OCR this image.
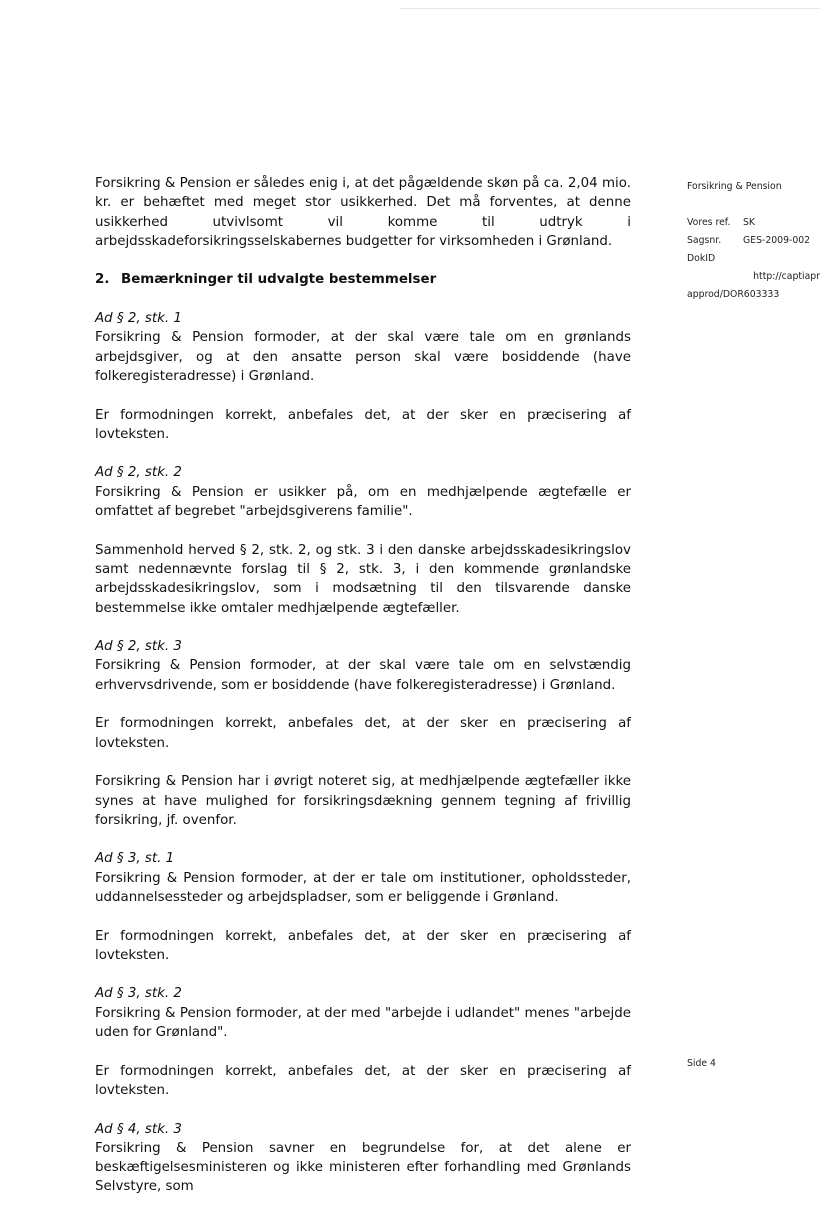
Forsikring & Pension er således enig i, at det pågældende skøn på ca. 2,04 mio. kr. er behæftet med meget stor usikkerhed. Det må forventes, at denne usikkerhed utvivlsomt vil komme til udtryk i arbejdsskadeforsikringsselskabernes budgetter for virksomheden i Grønland.

2. Bemærkninger til udvalgte bestemmelser
Ad § 2, stk. 1
Forsikring & Pension formoder, at der skal være tale om en grønlands arbejdsgiver, og at den ansatte person skal være bosiddende (have folkeregisteradresse) i Grønland.
Er formodningen korrekt, anbefales det, at der sker en præcisering af lovteksten.
Ad § 2, stk. 2
Forsikring & Pension er usikker på, om en medhjælpende ægtefælle er omfattet af begrebet "arbejdsgiverens familie".
Sammenhold herved § 2, stk. 2, og stk. 3 i den danske arbejdsskadesikringslov samt nedennævnte forslag til § 2, stk. 3, i den kommende grønlandske arbejdsskadesikringslov, som i modsætning til den tilsvarende danske bestemmelse ikke omtaler medhjælpende ægtefæller.
Ad § 2, stk. 3
Forsikring & Pension formoder, at der skal være tale om en selvstændig erhvervsdrivende, som er bosiddende (have folkeregisteradresse) i Grønland.
Er formodningen korrekt, anbefales det, at der sker en præcisering af lovteksten.
Forsikring & Pension har i øvrigt noteret sig, at medhjælpende ægtefæller ikke synes at have mulighed for forsikringsdækning gennem tegning af frivillig forsikring, jf. ovenfor.
Ad § 3, st. 1
Forsikring & Pension formoder, at der er tale om institutioner, opholdssteder, uddannelsessteder og arbejdspladser, som er beliggende i Grønland.
Er formodningen korrekt, anbefales det, at der sker en præcisering af lovteksten.
Ad § 3, stk. 2
Forsikring & Pension formoder, at der med "arbejde i udlandet" menes "arbejde uden for Grønland".
Er formodningen korrekt, anbefales det, at der sker en præcisering af lovteksten.
Ad § 4, stk. 3
Forsikring & Pension savner en begrundelse for, at det alene er beskæftigelsesministeren og ikke ministeren efter forhandling med Grønlands Selvstyre, som
Forsikring & Pension
Vores ref. SK
Sagsnr. GES-2009-002
DokID
http://captiapr
approd/DOR603333
Side 4
